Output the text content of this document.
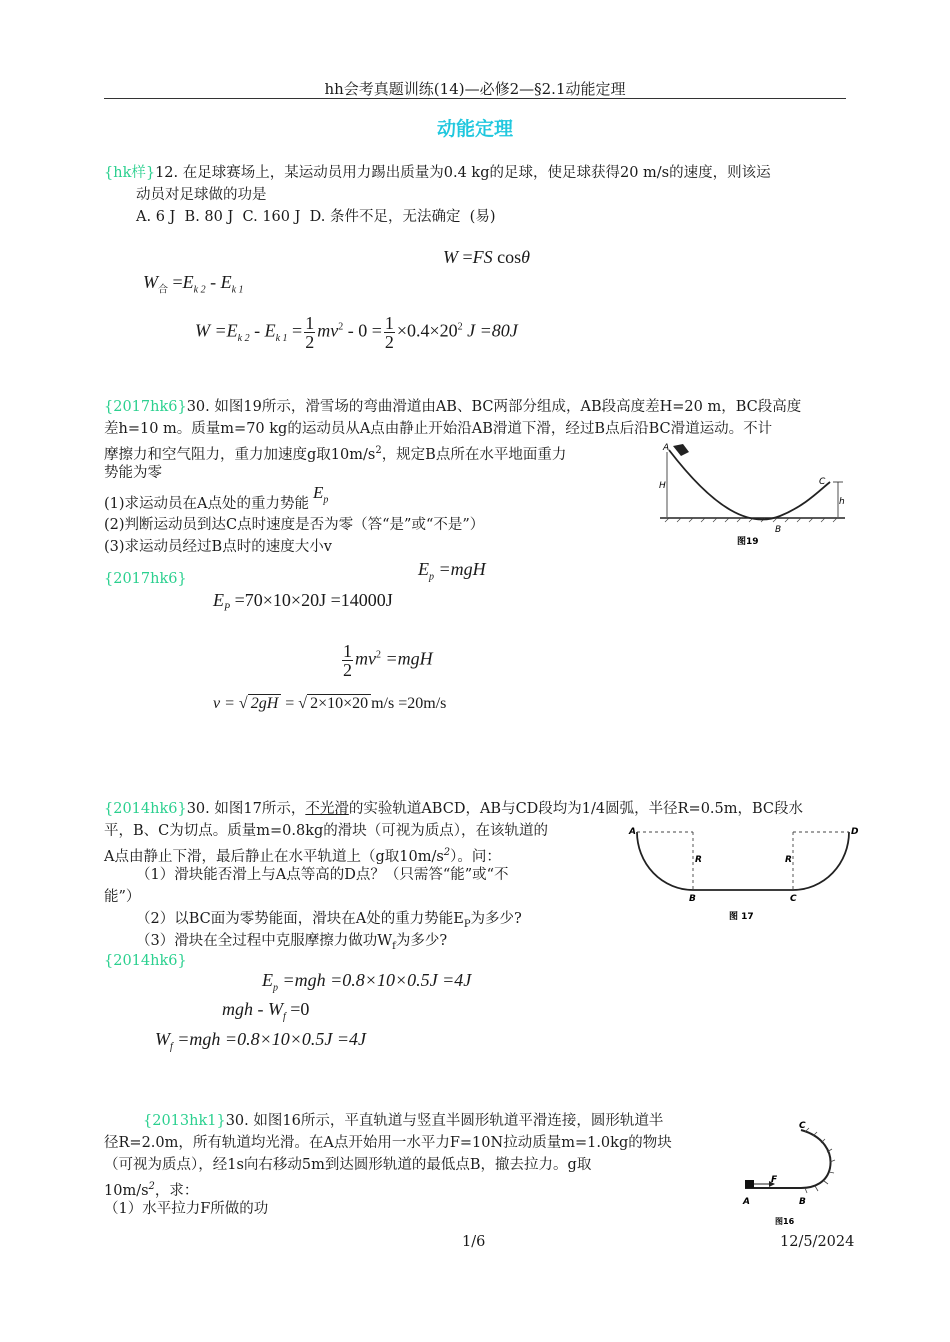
hh会考真题训练(14)—必修2—§2.1动能定理
动能定理
{hk样}12. 在足球赛场上，某运动员用力踢出质量为0.4 kg的足球，使足球获得20 m/s的速度，则该运
动员对足球做的功是
A. 6 J  B. 80 J  C. 160 J  D. 条件不足，无法确定  (易)
W =FS cosθ
$W_合 =E_{k 2} - E_{k 1}$
$W =E_{k 2} - E_{k 1} = \frac{1}{2} mv^2 - 0 = \frac{1}{2} \times 0.4\times 20^2$ J =80J
{2017hk6}30. 如图19所示，滑雪场的弯曲滑道由AB、BC两部分组成，AB段高度差H=20 m，BC段高度
差h=10 m。质量m=70 kg的运动员从A点由静止开始沿AB滑道下滑，经过B点后沿BC滑道运动。不计
摩擦力和空气阻力，重力加速度g取$10m/s^2$，规定B点所在水平地面重力
势能为零
(1)求运动员在A点处的重力势能$E_p$
(2)判断运动员到达C点时速度是否为零（答“是”或“不是”）
(3)求运动员经过B点时的速度大小v
A
H	C
h
B
图19
{2017hk6}	$E_p =mgH$
$E_P =70\times 10\times 20J =14000J$
$\frac{1}{2} mv^2 =mgH$
v = √ 2gH = √ 2×10×20 m/s =20m/s
{2014hk6}30. 如图17所示，不光滑的实验轨道ABCD，AB与CD段均为1/4圆弧，半径R=0.5m，BC段水
平，B、C为切点。质量m=0.8kg的滑块（可视为质点），在该轨道的
A点由静止下滑，最后静止在水平轨道上（g取$10m/s^2$）。问：
（1）滑块能否滑上与A点等高的D点？（只需答“能”或“不
能”）
（2）以BC面为零势能面，滑块在A处的重力势能$E_P$为多少?
（3）滑块在全过程中克服摩擦力做功$W_f$为多少?
A	D
R	R
B	C
图 17
{2014hk6}
$E_p =mgh =0.8\times 10\times 0.5J =4J$
mgh - $W_f =0$
$W_f =mgh =0.8\times 10\times 0.5J =4J$
{2013hk1}30. 如图16所示，平直轨道与竖直半圆形轨道平滑连接，圆形轨道半
径R=2.0m，所有轨道均光滑。在A点开始用一水平力F=10N拉动质量m=1.0kg的物块
（可视为质点），经1s向右移动5m到达圆形轨道的最低点B，撤去拉力。g取
$10m/s^2$，求：
（1）水平拉力F所做的功
C
F
A	B
图16
1/6	12/5/2024
